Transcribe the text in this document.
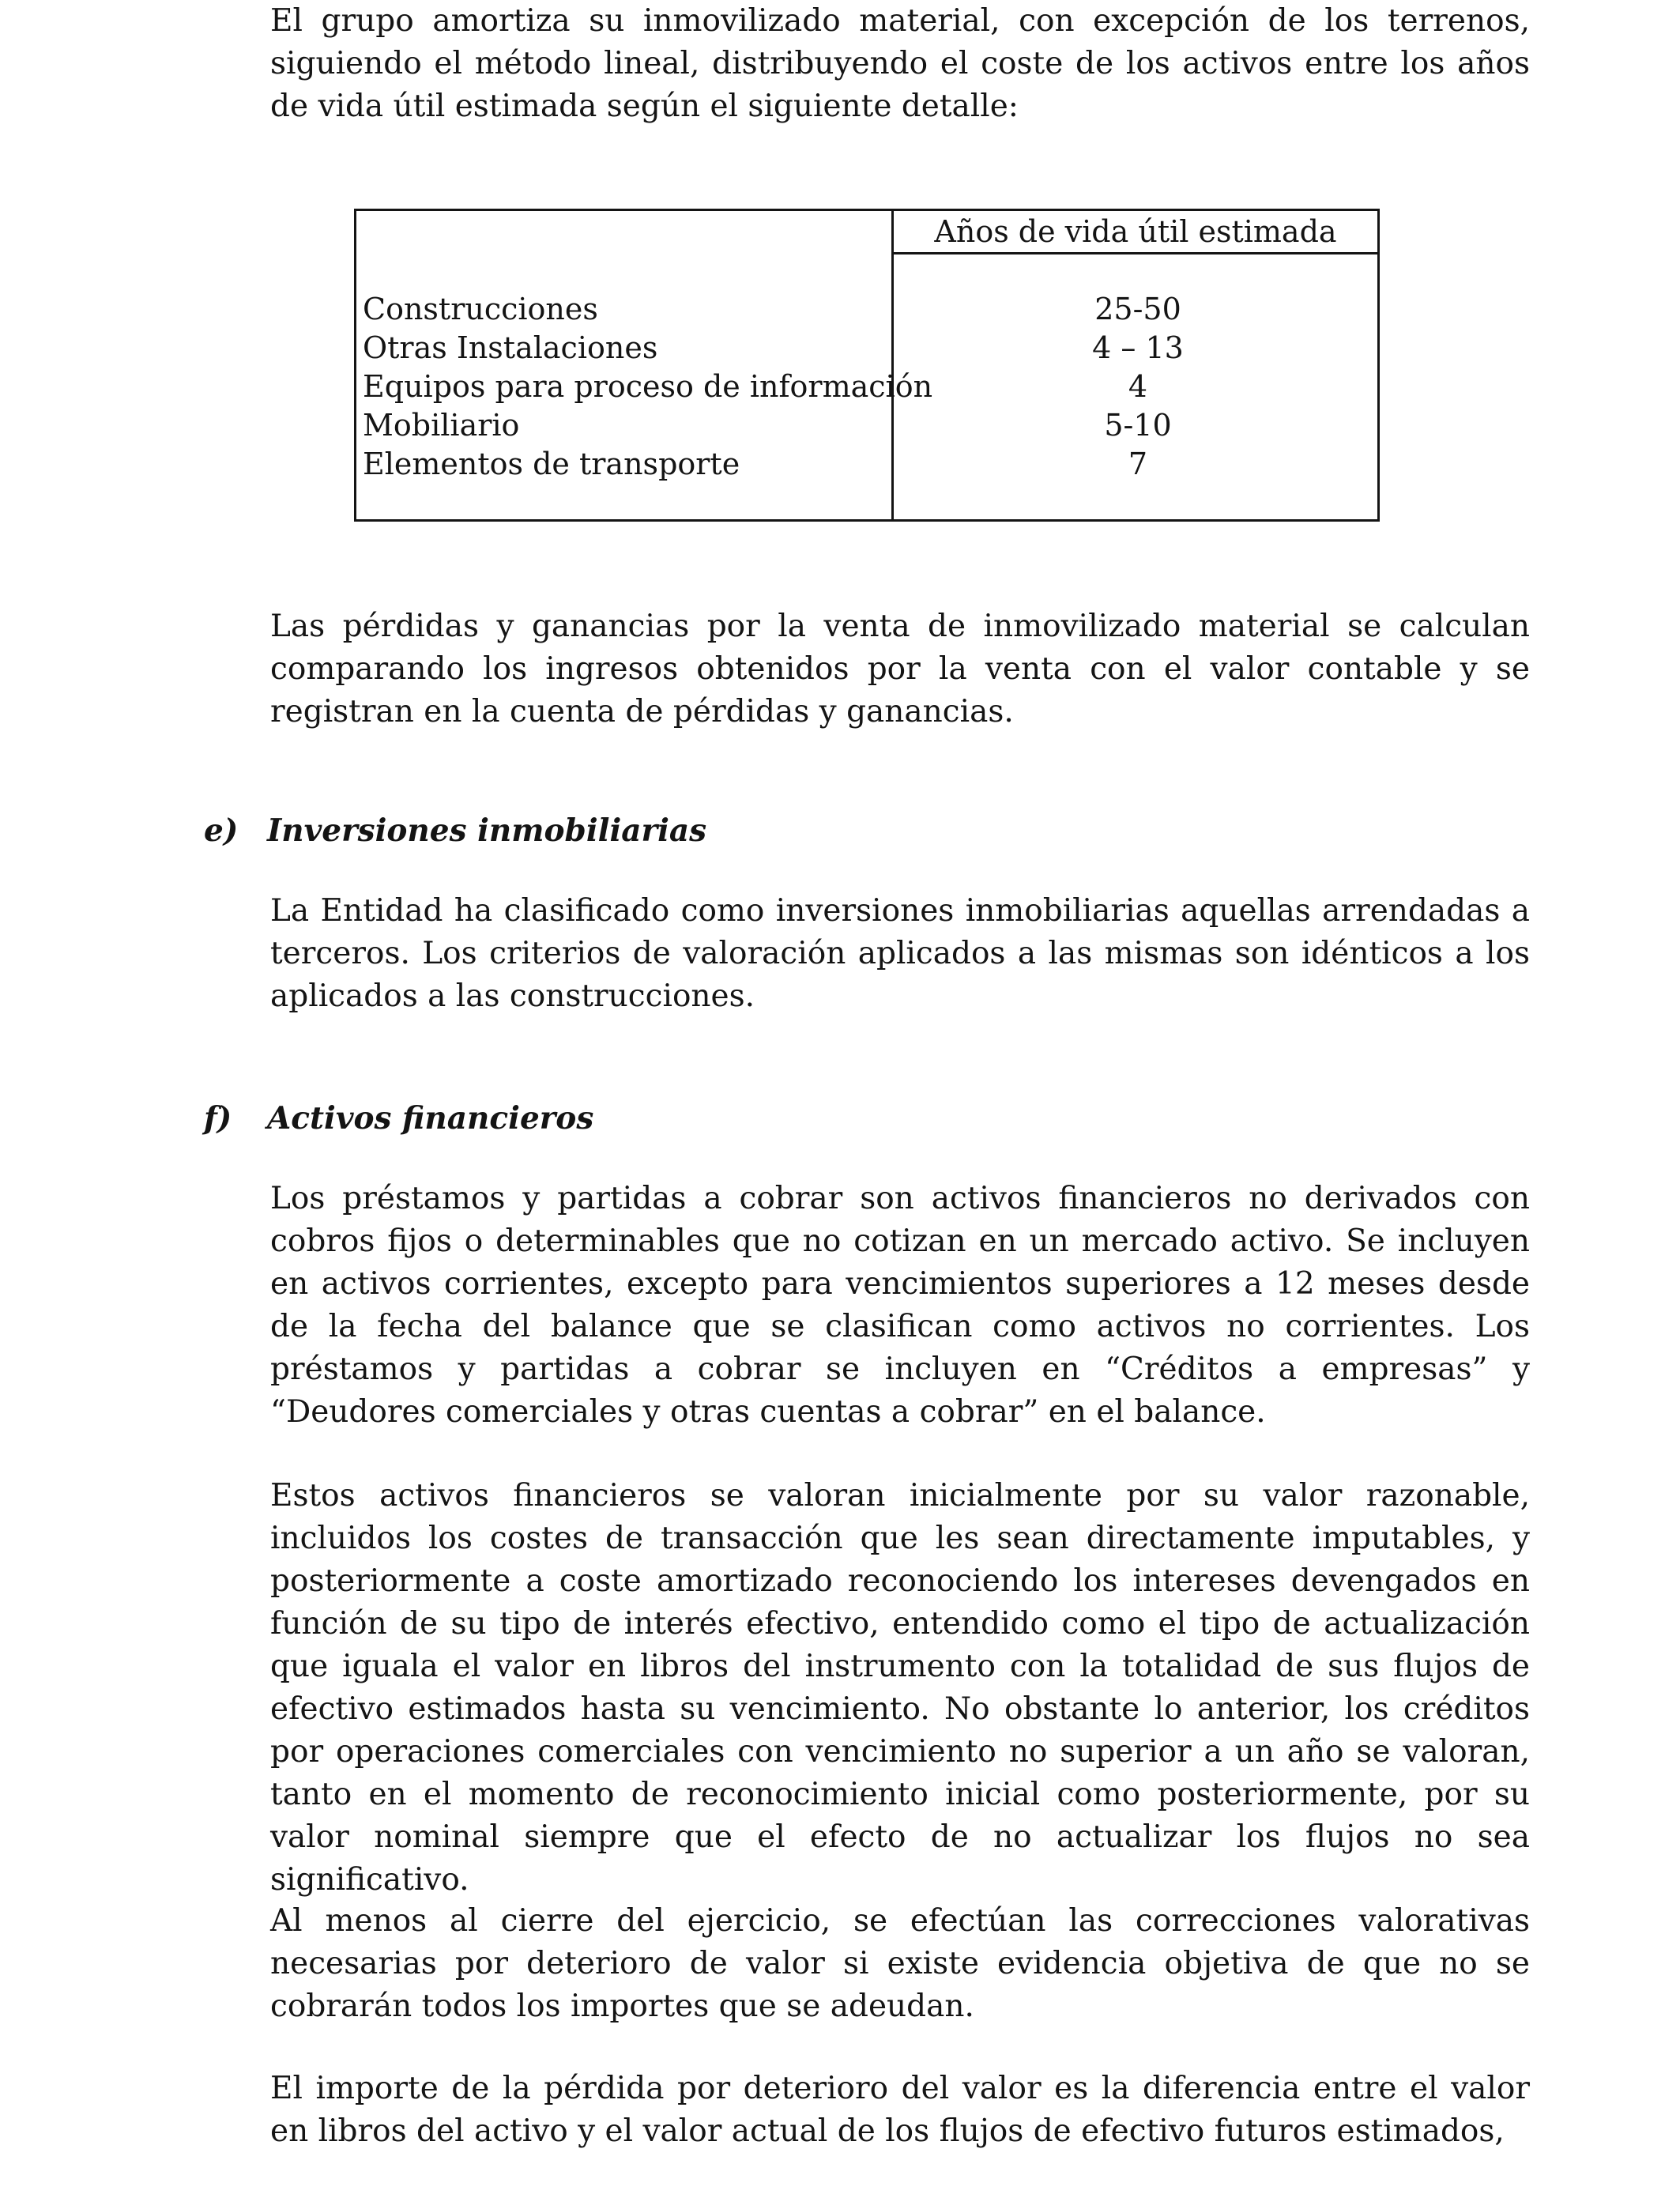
El grupo amortiza su inmovilizado material, con excepción de los terrenos, siguiendo el método lineal, distribuyendo el coste de los activos entre los años de vida útil estimada según el siguiente detalle:

Años de vida útil estimada
Construcciones	25-50
Otras Instalaciones	4 – 13
Equipos para proceso de información	4
Mobiliario	5-10
Elementos de transporte	7

Las pérdidas y ganancias por la venta de inmovilizado material se calculan comparando los ingresos obtenidos por la venta con el valor contable y se registran en la cuenta de pérdidas y ganancias.

e) Inversiones inmobiliarias

La Entidad ha clasificado como inversiones inmobiliarias aquellas arrendadas a terceros. Los criterios de valoración aplicados a las mismas son idénticos a los aplicados a las construcciones.

f) Activos financieros

Los préstamos y partidas a cobrar son activos financieros no derivados con cobros fijos o determinables que no cotizan en un mercado activo. Se incluyen en activos corrientes, excepto para vencimientos superiores a 12 meses desde de la fecha del balance que se clasifican como activos no corrientes. Los préstamos y partidas a cobrar se incluyen en “Créditos a empresas” y “Deudores comerciales y otras cuentas a cobrar” en el balance.

Estos activos financieros se valoran inicialmente por su valor razonable, incluidos los costes de transacción que les sean directamente imputables, y posteriormente a coste amortizado reconociendo los intereses devengados en función de su tipo de interés efectivo, entendido como el tipo de actualización que iguala el valor en libros del instrumento con la totalidad de sus flujos de efectivo estimados hasta su vencimiento. No obstante lo anterior, los créditos por operaciones comerciales con vencimiento no superior a un año se valoran, tanto en el momento de reconocimiento inicial como posteriormente, por su valor nominal siempre que el efecto de no actualizar los flujos no sea significativo.

Al menos al cierre del ejercicio, se efectúan las correcciones valorativas necesarias por deterioro de valor si existe evidencia objetiva de que no se cobrarán todos los importes que se adeudan.

El importe de la pérdida por deterioro del valor es la diferencia entre el valor en libros del activo y el valor actual de los flujos de efectivo futuros estimados,
